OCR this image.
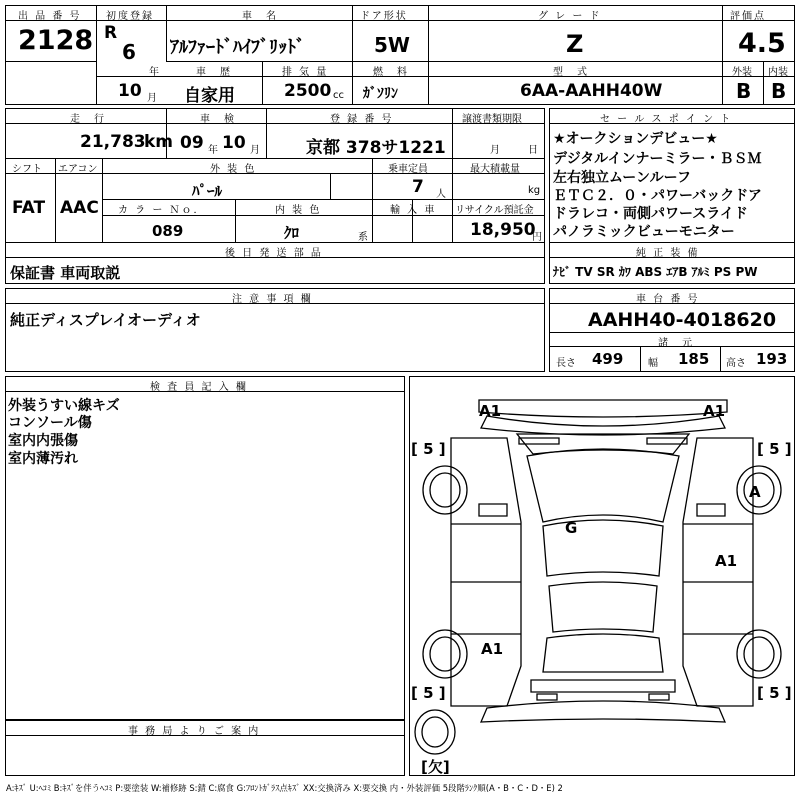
出 品 番 号
2128
初度登録
R
6
年
10 月
車　名
ｱﾙﾌｧｰﾄﾞﾊｲﾌﾞﾘｯﾄﾞ
ドア形状
5W
グ レ ー ド
Z
評価点
4.5
外装 内装
B B
車　歴
自家用
排 気 量
2500 cc
燃　料
ｶﾞｿﾘﾝ
型　式
6AA-AAHH40W
走　行
21,783
km
車　検
09 年 10 月
登 録 番 号
京都 378サ1221
譲渡書類期限
月	日
シフト エアコン
FAT AAC
外 装 色
ﾊﾟｰﾙ
乗車定員
7 人
最大積載量
kg
カ ラ ー Ｎｏ．
089
内 装 色
ｸﾛ	系
輸 入 車 リサイクル預託金
18,950
円
後 日 発 送 部 品
保証書 車両取説
セ ー ル ス ポ イ ン ト
★オークションデビュー★
デジタルインナーミラー・ＢＳＭ
左右独立ムーンルーフ
ＥＴＣ２．０・パワーバックドア
ドラレコ・両側パワースライド
パノラミックビューモニター
純 正 装 備
ﾅﾋﾞ TV SR ｶﾜ ABS ｴｱB ｱﾙﾐ PS PW
注 意 事 項 欄
純正ディスプレイオーディオ
車 台 番 号
AAHH40-4018620
諸　元
長さ 499 幅 185 高さ 193
検 査 員 記 入 欄
外装うすい線キズ
コンソール傷
室内内張傷
室内薄汚れ
事 務 局 よ り ご 案 内
A1	A1
[ 5 ]	[ 5 ]
[ 5 ]	[ 5 ]
A
G
A1
A1
[欠]
A:ｷｽﾞ U:ﾍｺﾐ B:ｷｽﾞを伴うﾍｺﾐ P:要塗装 W:補修跡 S:錆 C:腐食 G:ﾌﾛﾝﾄｶﾞﾗｽ点ｷｽﾞ XX:交換済み X:要交換 内・外装評価 5段階ﾗﾝｸ順(A・B・C・D・E) 2
